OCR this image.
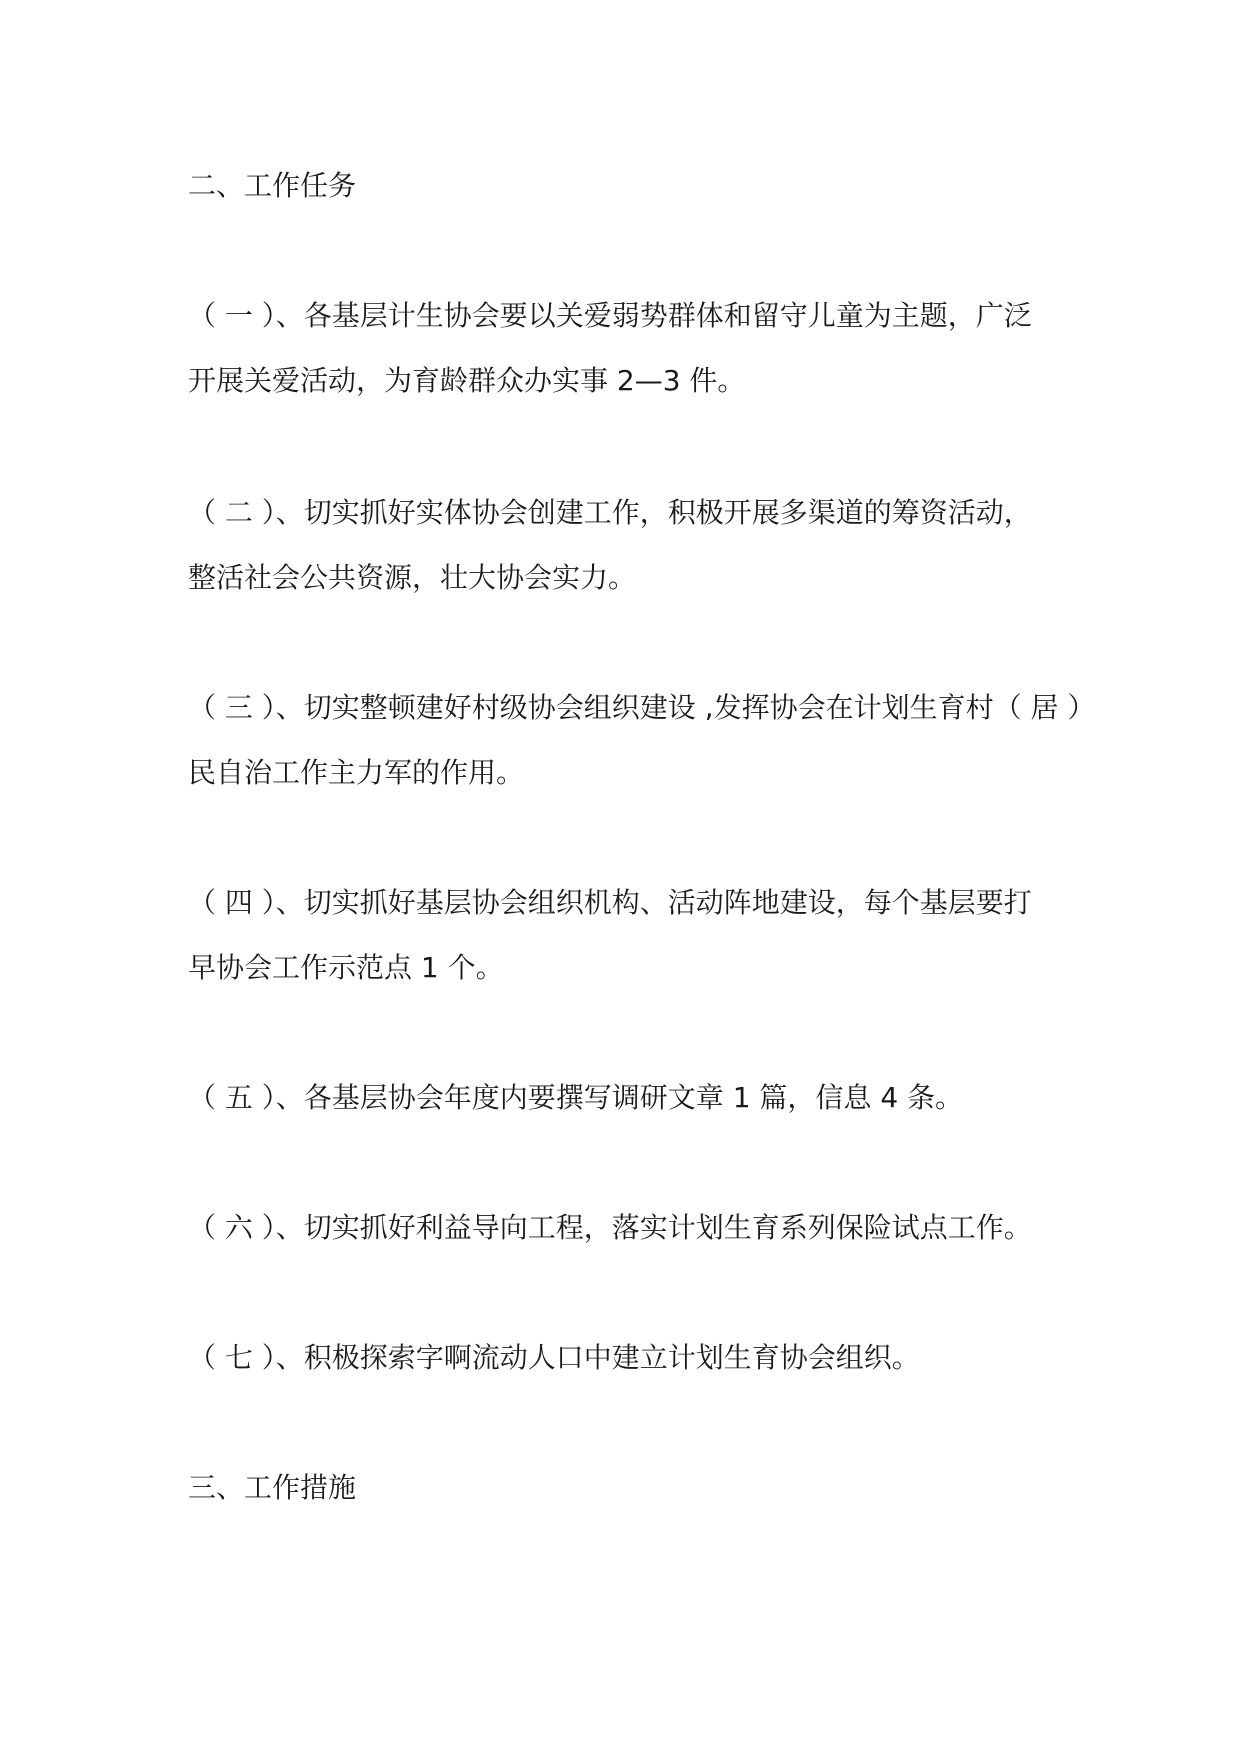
二、工作任务
（ 一 ）、各基层计生协会要以关爱弱势群体和留守儿童为主题，广泛
开展关爱活动，为育龄群众办实事 2—3 件。
（ 二 ）、切实抓好实体协会创建工作，积极开展多渠道的筹资活动，
整活社会公共资源，壮大协会实力。
（ 三 ）、切实整顿建好村级协会组织建设 ,发挥协会在计划生育村（ 居 ）
民自治工作主力军的作用。
（ 四 ）、切实抓好基层协会组织机构、活动阵地建设，每个基层要打
早协会工作示范点 1 个。
（ 五 ）、各基层协会年度内要撰写调研文章 1 篇，信息 4 条。
（ 六 ）、切实抓好利益导向工程，落实计划生育系列保险试点工作。
（ 七 ）、积极探索字啊流动人口中建立计划生育协会组织。
三、工作措施
